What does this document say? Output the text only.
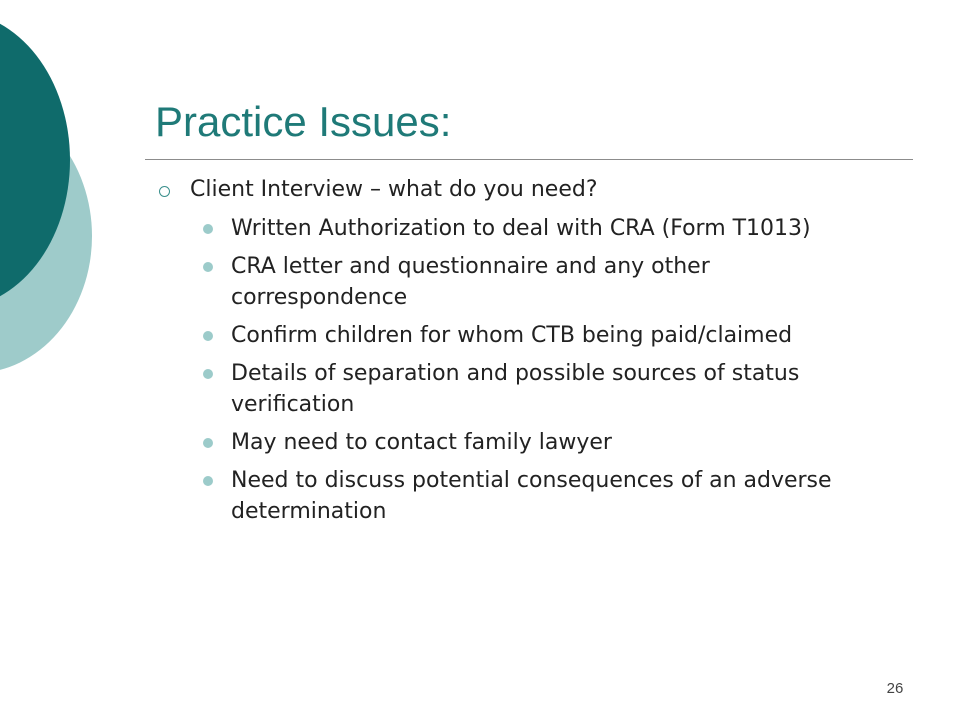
Practice Issues:
Client Interview – what do you need?
Written Authorization to deal with CRA (Form T1013)
CRA letter and questionnaire and any other correspondence
Confirm children for whom CTB being paid/claimed
Details of separation and possible sources of status verification
May need to contact family lawyer
Need to discuss potential consequences of an adverse determination
26
